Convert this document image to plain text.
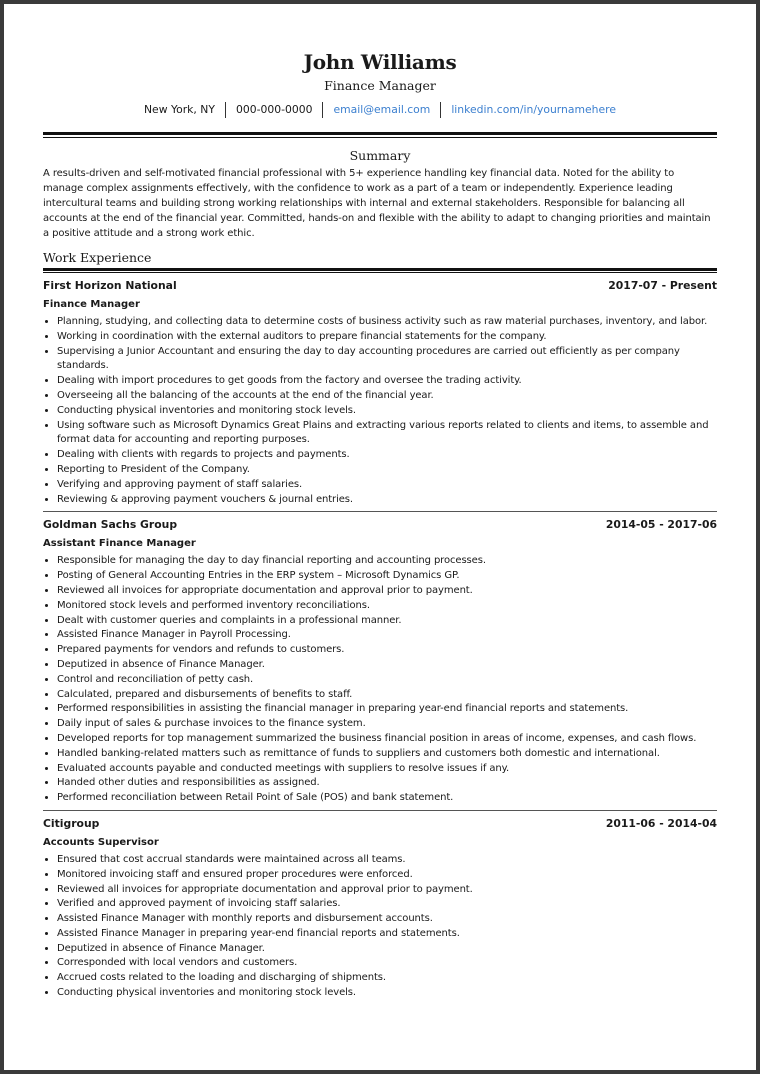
John Williams
Finance Manager
New York, NY	000-000-0000	email@email.com	linkedin.com/in/yournamehere
Summary
A results-driven and self-motivated financial professional with 5+ experience handling key financial data. Noted for the ability to manage complex assignments effectively, with the confidence to work as a part of a team or independently. Experience leading intercultural teams and building strong working relationships with internal and external stakeholders. Responsible for balancing all accounts at the end of the financial year. Committed, hands-on and flexible with the ability to adapt to changing priorities and maintain a positive attitude and a strong work ethic.
Work Experience
First Horizon National	2017-07 - Present
Finance Manager
• Planning, studying, and collecting data to determine costs of business activity such as raw material purchases, inventory, and labor.
• Working in coordination with the external auditors to prepare financial statements for the company.
• Supervising a Junior Accountant and ensuring the day to day accounting procedures are carried out efficiently as per company standards.
• Dealing with import procedures to get goods from the factory and oversee the trading activity.
• Overseeing all the balancing of the accounts at the end of the financial year.
• Conducting physical inventories and monitoring stock levels.
• Using software such as Microsoft Dynamics Great Plains and extracting various reports related to clients and items, to assemble and format data for accounting and reporting purposes.
• Dealing with clients with regards to projects and payments.
• Reporting to President of the Company.
• Verifying and approving payment of staff salaries.
• Reviewing & approving payment vouchers & journal entries.
Goldman Sachs Group	2014-05 - 2017-06
Assistant Finance Manager
• Responsible for managing the day to day financial reporting and accounting processes.
• Posting of General Accounting Entries in the ERP system – Microsoft Dynamics GP.
• Reviewed all invoices for appropriate documentation and approval prior to payment.
• Monitored stock levels and performed inventory reconciliations.
• Dealt with customer queries and complaints in a professional manner.
• Assisted Finance Manager in Payroll Processing.
• Prepared payments for vendors and refunds to customers.
• Deputized in absence of Finance Manager.
• Control and reconciliation of petty cash.
• Calculated, prepared and disbursements of benefits to staff.
• Performed responsibilities in assisting the financial manager in preparing year-end financial reports and statements.
• Daily input of sales & purchase invoices to the finance system.
• Developed reports for top management summarized the business financial position in areas of income, expenses, and cash flows.
• Handled banking-related matters such as remittance of funds to suppliers and customers both domestic and international.
• Evaluated accounts payable and conducted meetings with suppliers to resolve issues if any.
• Handed other duties and responsibilities as assigned.
• Performed reconciliation between Retail Point of Sale (POS) and bank statement.
Citigroup	2011-06 - 2014-04
Accounts Supervisor
• Ensured that cost accrual standards were maintained across all teams.
• Monitored invoicing staff and ensured proper procedures were enforced.
• Reviewed all invoices for appropriate documentation and approval prior to payment.
• Verified and approved payment of invoicing staff salaries.
• Assisted Finance Manager with monthly reports and disbursement accounts.
• Assisted Finance Manager in preparing year-end financial reports and statements.
• Deputized in absence of Finance Manager.
• Corresponded with local vendors and customers.
• Accrued costs related to the loading and discharging of shipments.
• Conducting physical inventories and monitoring stock levels.
